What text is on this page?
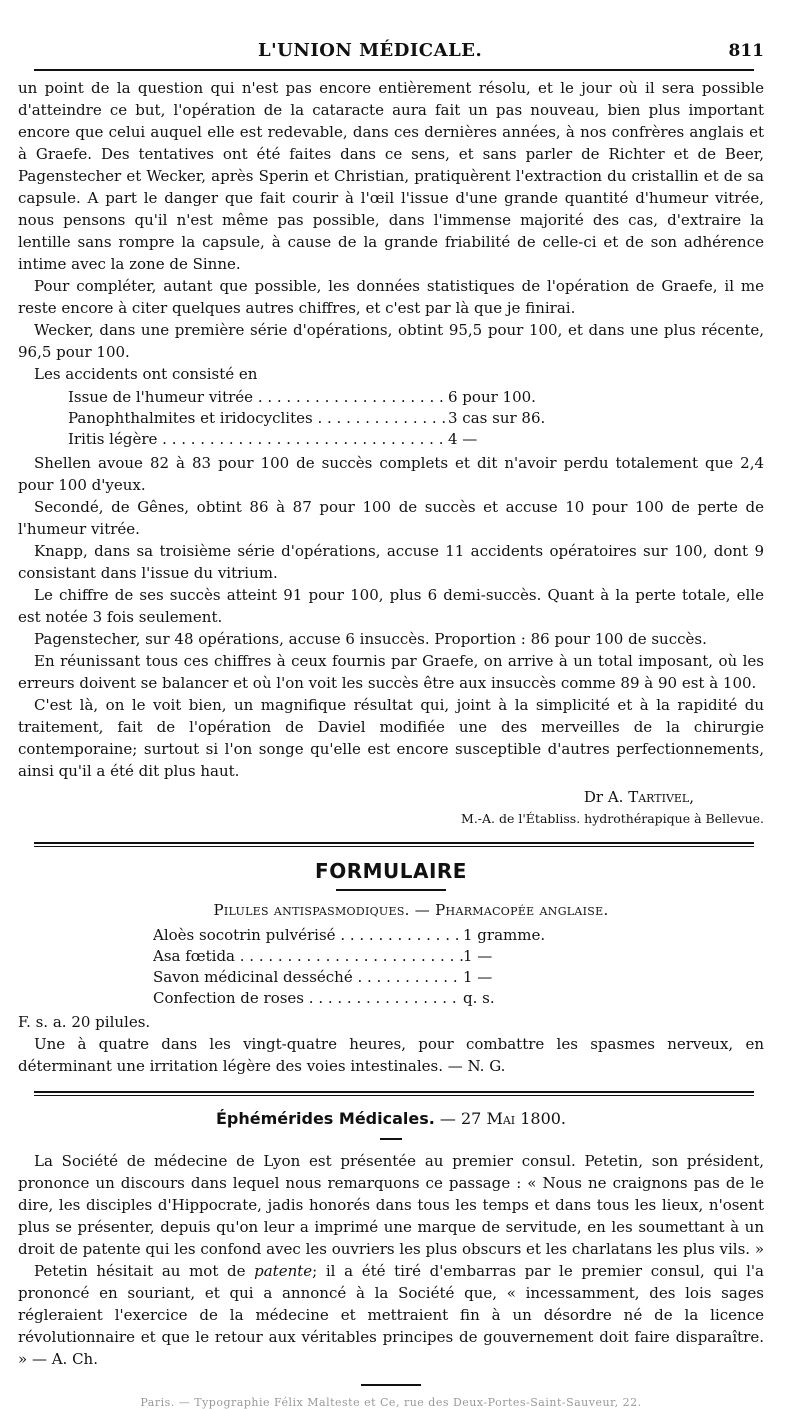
L'UNION MÉDICALE.	811

un point de la question qui n'est pas encore entièrement résolu, et le jour où il sera possible d'atteindre ce but, l'opération de la cataracte aura fait un pas nouveau, bien plus important encore que celui auquel elle est redevable, dans ces dernières années, à nos confrères anglais et à Graefe. Des tentatives ont été faites dans ce sens, et sans parler de Richter et de Beer, Pagenstecher et Wecker, après Sperin et Christian, pratiquèrent l'extraction du cristallin et de sa capsule. A part le danger que fait courir à l'œil l'issue d'une grande quantité d'humeur vitrée, nous pensons qu'il n'est même pas possible, dans l'immense majorité des cas, d'extraire la lentille sans rompre la capsule, à cause de la grande friabilité de celle-ci et de son adhérence intime avec la zone de Sinne.

Pour compléter, autant que possible, les données statistiques de l'opération de Graefe, il me reste encore à citer quelques autres chiffres, et c'est par là que je finirai.

Wecker, dans une première série d'opérations, obtint 95,5 pour 100, et dans une plus récente, 96,5 pour 100.

Les accidents ont consisté en

Issue de l'humeur vitrée . . .	6 pour 100.
Panophthalmites et iridocyclites . . .	3 cas sur 86.
Iritis légère . . .	4 —

Shellen avoue 82 à 83 pour 100 de succès complets et dit n'avoir perdu totalement que 2,4 pour 100 d'yeux.

Secondé, de Gênes, obtint 86 à 87 pour 100 de succès et accuse 10 pour 100 de perte de l'humeur vitrée.

Knapp, dans sa troisième série d'opérations, accuse 11 accidents opératoires sur 100, dont 9 consistant dans l'issue du vitrium.

Le chiffre de ses succès atteint 91 pour 100, plus 6 demi-succès. Quant à la perte totale, elle est notée 3 fois seulement.

Pagenstecher, sur 48 opérations, accuse 6 insuccès. Proportion : 86 pour 100 de succès.

En réunissant tous ces chiffres à ceux fournis par Graefe, on arrive à un total imposant, où les erreurs doivent se balancer et où l'on voit les succès être aux insuccès comme 89 à 90 est à 100.

C'est là, on le voit bien, un magnifique résultat qui, joint à la simplicité et à la rapidité du traitement, fait de l'opération de Daviel modifiée une des merveilles de la chirurgie contemporaine; surtout si l'on songe qu'elle est encore susceptible d'autres perfectionnements, ainsi qu'il a été dit plus haut.

Dr A. Tartivel,
M.-A. de l'Établiss. hydrothérapique à Bellevue.
FORMULAIRE
Pilules antispasmodiques. — Pharmacopée anglaise.
Aloès socotrin pulvérisé . . .	1 gramme.
Asa fœtida . . .	1 —
Savon médicinal desséché . . .	1 —
Confection de roses . . .	q. s.

F. s. a. 20 pilules.

Une à quatre dans les vingt-quatre heures, pour combattre les spasmes nerveux, en déterminant une irritation légère des voies intestinales. — N. G.

Éphémérides Médicales. — 27 Mai 1800.

La Société de médecine de Lyon est présentée au premier consul. Petetin, son président, prononce un discours dans lequel nous remarquons ce passage : « Nous ne craignons pas de le dire, les disciples d'Hippocrate, jadis honorés dans tous les temps et dans tous les lieux, n'osent plus se présenter, depuis qu'on leur a imprimé une marque de servitude, en les soumettant à un droit de patente qui les confond avec les ouvriers les plus obscurs et les charlatans les plus vils. »

Petetin hésitait au mot de patente; il a été tiré d'embarras par le premier consul, qui l'a prononcé en souriant, et qui a annoncé à la Société que, « incessamment, des lois sages régleraient l'exercice de la médecine et mettraient fin à un désordre né de la licence révolutionnaire et que le retour aux véritables principes de gouvernement doit faire disparaître. » — A. Ch.

Paris. — Typographie Félix Malteste et Ce, rue des Deux-Portes-Saint-Sauveur, 22.
